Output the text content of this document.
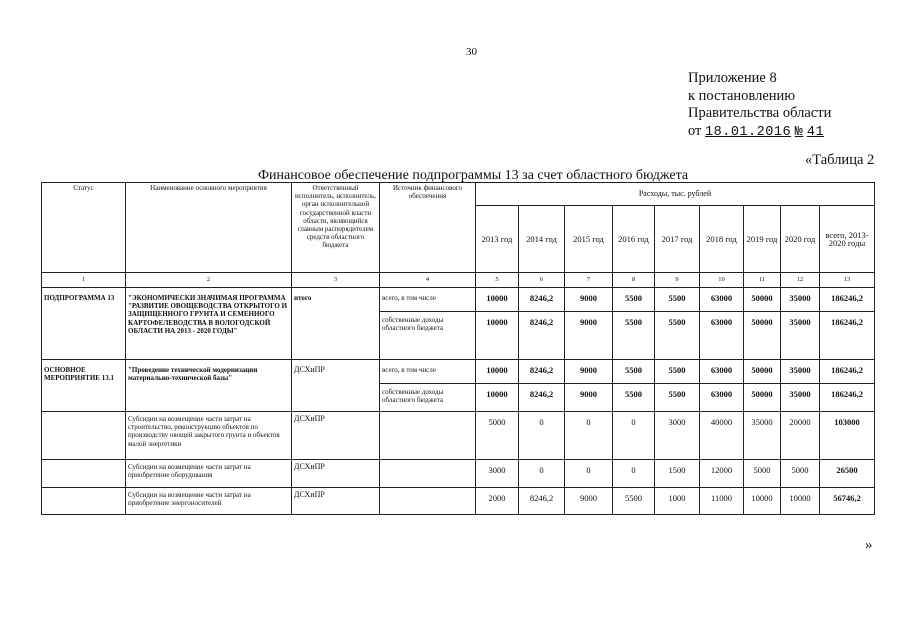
30
Приложение 8
к постановлению
Правительства области
от 18.01.2016 № 41
«Таблица 2
Финансовое обеспечение подпрограммы 13 за счет областного бюджета
Статус	Наименование основного мероприятия	Ответственный исполнитель, исполнитель, орган исполнительной государственной власти области, являющийся главным распорядителем средств областного бюджета	Источник финансового обеспечения	Расходы, тыс. рублей								
				2013 год	2014 год	2015 год	2016 год	2017 год	2018 год	2019 год	2020 год	всего, 2013- 2020 годы
1	2	3	4	5	6	7	8	9	10	11	12	13
ПОДПРОГРАММА 13	"ЭКОНОМИЧЕСКИ ЗНАЧИМАЯ ПРОГРАММА "РАЗВИТИЕ ОВОЩЕВОДСТВА ОТКРЫТОГО И ЗАЩИЩЕННОГО ГРУНТА И СЕМЕННОГО КАРТОФЕЛЕВОДСТВА В ВОЛОГОДСКОЙ ОБЛАСТИ НА 2013 - 2020 ГОДЫ"	итого	всего, в том числе	10000	8246,2	9000	5500	5500	63000	50000	35000	186246,2
			собственные доходы областного бюджета	10000	8246,2	9000	5500	5500	63000	50000	35000	186246,2
ОСНОВНОЕ МЕРОПРИЯТИЕ 13.1	"Проведение технической модернизации материально-технической базы"	ДСХиПР	всего, в том числе	10000	8246,2	9000	5500	5500	63000	50000	35000	186246,2
			собственные доходы областного бюджета	10000	8246,2	9000	5500	5500	63000	50000	35000	186246,2
	Субсидии на возмещение части затрат на строительство, реконструкцию объектов по производству овощей закрытого грунта и объектов малой энергетики	ДСХиПР		5000	0	0	0	3000	40000	35000	20000	103000
	Субсидии на возмещение части затрат на приобретение оборудования	ДСХиПР		3000	0	0	0	1500	12000	5000	5000	26500
	Субсидии на возмещение части затрат на приобретение энергоносителей	ДСХиПР		2000	8246,2	9000	5500	1000	11000	10000	10000	56746,2
»
